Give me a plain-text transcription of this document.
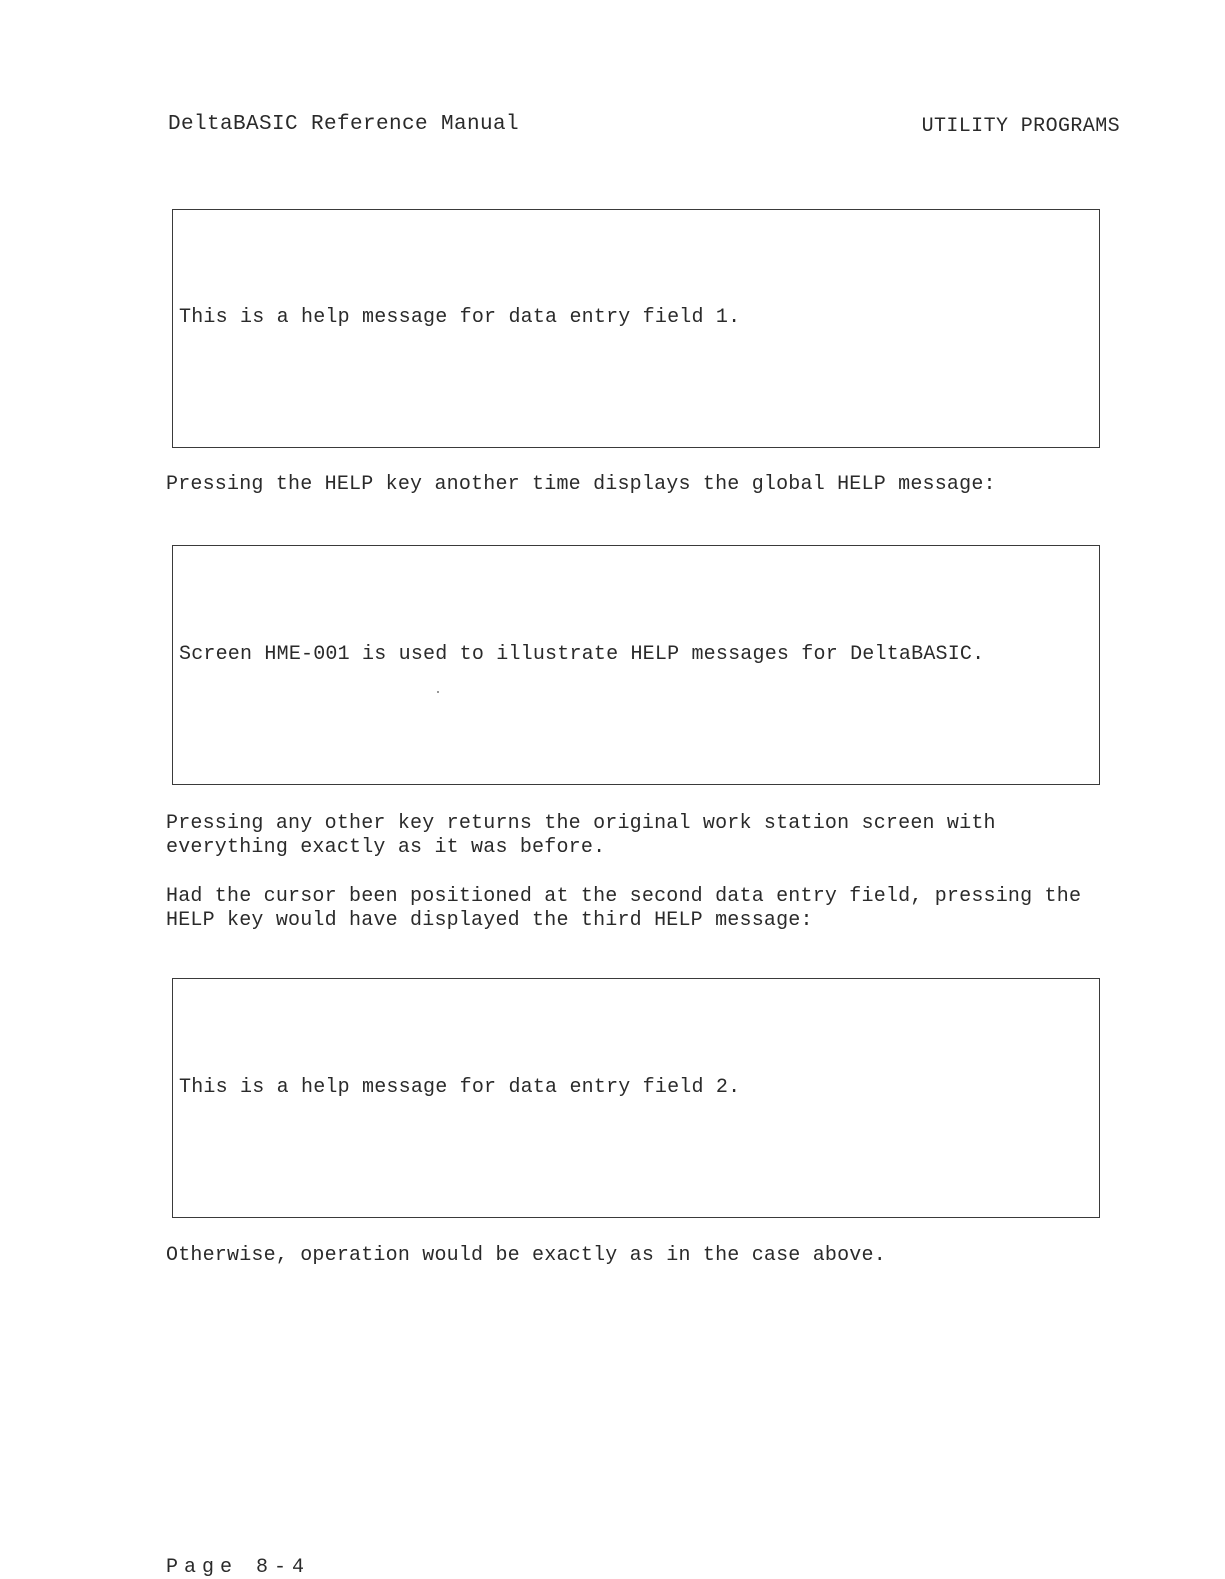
DeltaBASIC Reference Manual	UTILITY PROGRAMS
This is a help message for data entry field 1.
Pressing the HELP key another time displays the global HELP message:
Screen HME-001 is used to illustrate HELP messages for DeltaBASIC.
Pressing any other key returns the original work station screen with
everything exactly as it was before.
Had the cursor been positioned at the second data entry field, pressing the
HELP key would have displayed the third HELP message:
This is a help message for data entry field 2.
Otherwise, operation would be exactly as in the case above.
Page 8-4
